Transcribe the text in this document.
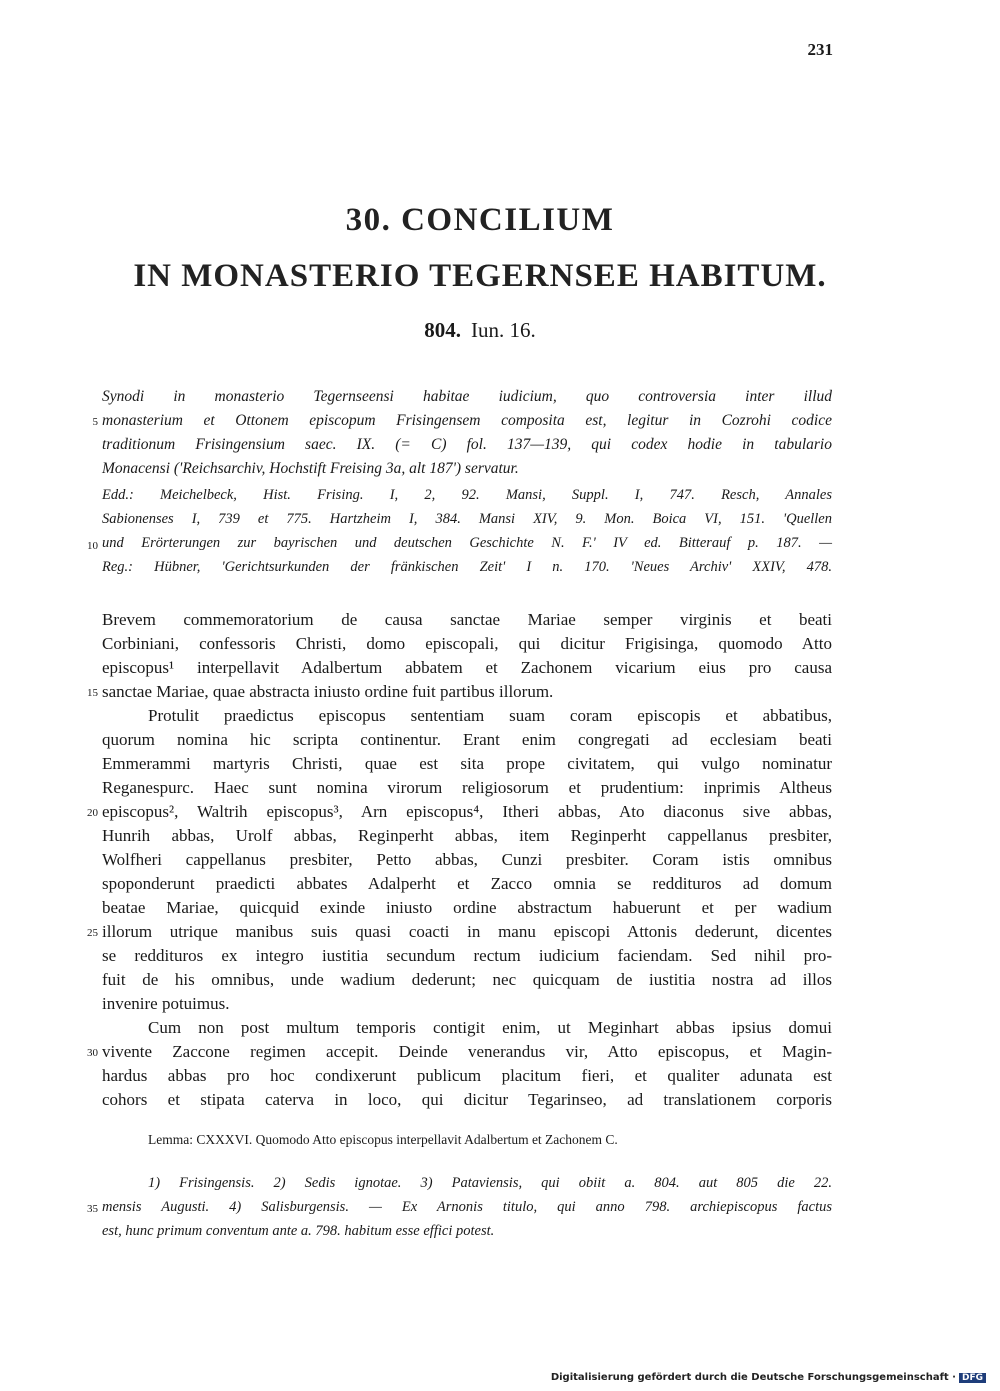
231
30. CONCILIUM
IN MONASTERIO TEGERNSEE HABITUM.
804. Iun. 16.
Synodi in monasterio Tegernseensi habitae iudicium, quo controversia inter illud
monasterium et Ottonem episcopum Frisingensem composita est, legitur in Cozrohi codice
traditionum Frisingensium saec. IX. (= C) fol. 137—139, qui codex hodie in tabulario
Monacensi ('Reichsarchiv, Hochstift Freising 3a, alt 187') servatur.
Edd.: Meichelbeck, Hist. Frising. I, 2, 92. Mansi, Suppl. I, 747. Resch, Annales
Sabionenses I, 739 et 775. Hartzheim I, 384. Mansi XIV, 9. Mon. Boica VI, 151. 'Quellen
und Erörterungen zur bayrischen und deutschen Geschichte N. F.' IV ed. Bitterauf p. 187. —
Reg.: Hübner, 'Gerichtsurkunden der fränkischen Zeit' I n. 170. 'Neues Archiv' XXIV, 478.
Brevem commemoratorium de causa sanctae Mariae semper virginis et beati
Corbiniani, confessoris Christi, domo episcopali, qui dicitur Frigisinga, quomodo Atto
episcopus¹ interpellavit Adalbertum abbatem et Zachonem vicarium eius pro causa
sanctae Mariae, quae abstracta iniusto ordine fuit partibus illorum.
Protulit praedictus episcopus sententiam suam coram episcopis et abbatibus,
quorum nomina hic scripta continentur. Erant enim congregati ad ecclesiam beati
Emmerammi martyris Christi, quae est sita prope civitatem, qui vulgo nominatur
Reganespurc. Haec sunt nomina virorum religiosorum et prudentium: inprimis Altheus
episcopus², Waltrih episcopus³, Arn episcopus⁴, Itheri abbas, Ato diaconus sive abbas,
Hunrih abbas, Urolf abbas, Reginperht abbas, item Reginperht cappellanus presbiter,
Wolfheri cappellanus presbiter, Petto abbas, Cunzi presbiter. Coram istis omnibus
spoponderunt praedicti abbates Adalperht et Zacco omnia se reddituros ad domum
beatae Mariae, quicquid exinde iniusto ordine abstractum habuerunt et per wadium
illorum utrique manibus suis quasi coacti in manu episcopi Attonis dederunt, dicentes
se reddituros ex integro iustitia secundum rectum iudicium faciendam. Sed nihil pro-
fuit de his omnibus, unde wadium dederunt; nec quicquam de iustitia nostra ad illos
invenire potuimus.
Cum non post multum temporis contigit enim, ut Meginhart abbas ipsius domui
vivente Zaccone regimen accepit. Deinde venerandus vir, Atto episcopus, et Magin-
hardus abbas pro hoc condixerunt publicum placitum fieri, et qualiter adunata est
cohors et stipata caterva in loco, qui dicitur Tegarinseo, ad translationem corporis
Lemma: CXXXVI. Quomodo Atto episcopus interpellavit Adalbertum et Zachonem C.
1) Frisingensis. 2) Sedis ignotae. 3) Pataviensis, qui obiit a. 804. aut 805 die 22.
mensis Augusti. 4) Salisburgensis. — Ex Arnonis titulo, qui anno 798. archiepiscopus factus
est, hunc primum conventum ante a. 798. habitum esse effici potest.
5
10
15
20
25
30
35
Digitalisierung gefördert durch die Deutsche Forschungsgemeinschaft · DFG
